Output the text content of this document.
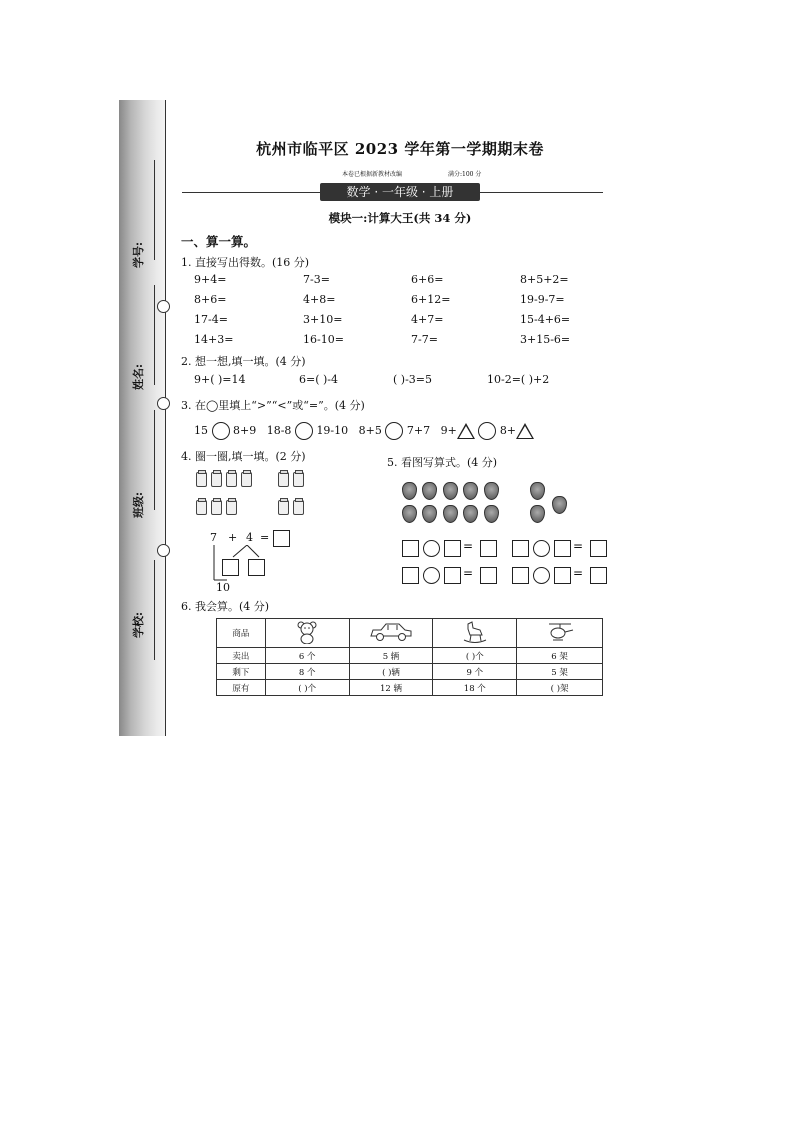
学号:
姓名:
班级:
学校:
杭州市临平区 2023 学年第一学期期末卷
本卷已根据新教材改编	满分:100 分
数学 · 一年级 · 上册
模块一:计算大王(共 34 分)
一、算一算。
1. 直接写出得数。(16 分)
9+4=	7-3=	6+6=	8+5+2=
8+6=	4+8=	6+12=	19-9-7=
17-4=	3+10=	4+7=	15-4+6=
14+3=	16-10=	7-7=	3+15-6=
2. 想一想,填一填。(4 分)
9+( )=14	6=( )-4	( )-3=5	10-2=( )+2
3. 在◯里填上“>”“<”或“=”。(4 分)
15 8+9 18-8 19-10 8+5 7+7 9+	8+
4. 圈一圈,填一填。(2 分)
7 + 4 =
10
5. 看图写算式。(4 分)
=	=
=	=
6. 我会算。(4 分)
商品				
卖出	6 个	5 辆	( )个	6 架
剩下	8 个	( )辆	9 个	5 架
原有	( )个	12 辆	18 个	( )架
